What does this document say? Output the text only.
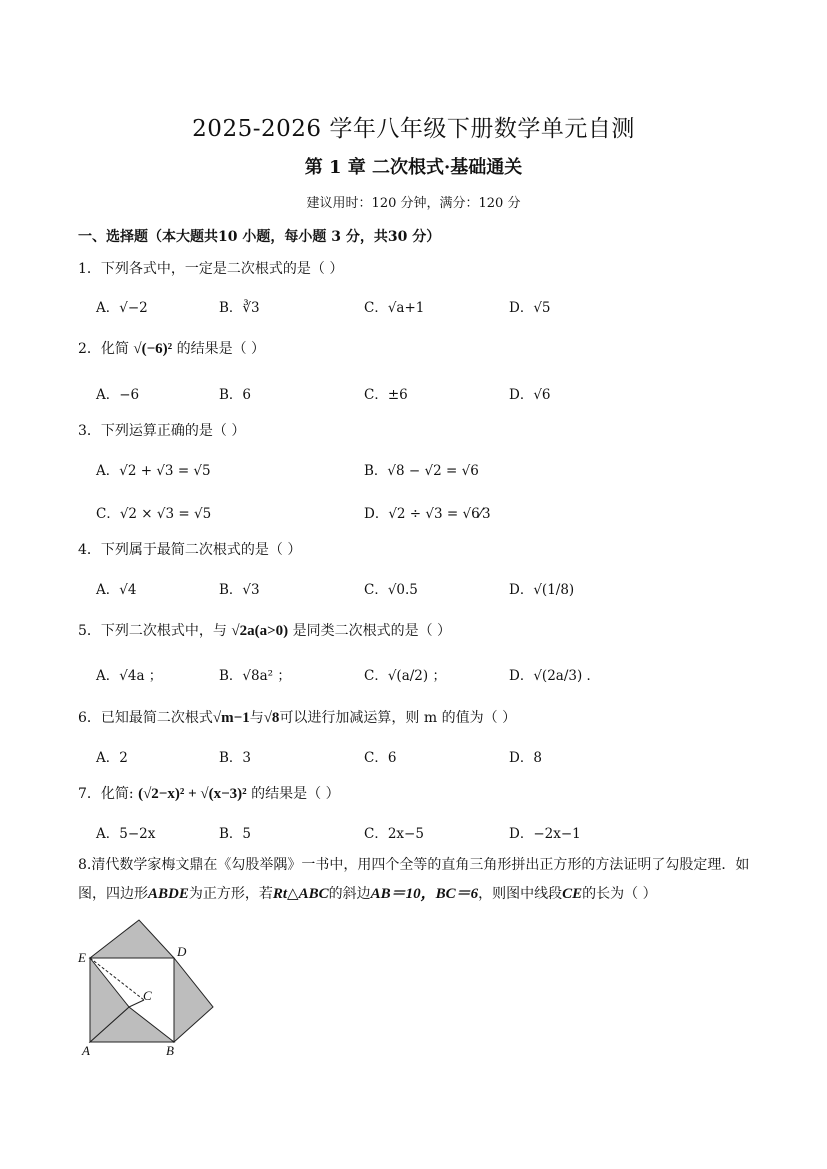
2025-2026 学年八年级下册数学单元自测
第 1 章 二次根式·基础通关
建议用时：120 分钟，满分：120 分
一、选择题（本大题共10 小题，每小题 3 分，共30 分）
1．下列各式中，一定是二次根式的是（ ）
A．√−2	B．∛3	C．√a+1	D．√5
2．化简 √(−6)² 的结果是（ ）
A．−6	B．6	C．±6	D．√6
3．下列运算正确的是（ ）
A．√2 + √3 = √5	B．√8 − √2 = √6
C．√2 × √3 = √5	D．√2 ÷ √3 = √6⁄3
4．下列属于最简二次根式的是（ ）
A．√4	B．√3	C．√0.5	D．√(1/8)
5．下列二次根式中，与 √2a(a>0) 是同类二次根式的是（ ）
A．√4a ；	B．√8a² ；	C．√(a/2) ；	D．√(2a/3) ．
6．已知最简二次根式√m−1与√8可以进行加减运算，则 m 的值为（ ）
A．2	B．3	C．6	D．8
7．化简: (√2−x)² + √(x−3)² 的结果是（ ）
A．5−2x	B．5	C．2x−5	D．−2x−1
8.清代数学家梅文鼎在《勾股举隅》一书中，用四个全等的直角三角形拼出正方形的方法证明了勾股定理．如图，四边形ABDE为正方形，若Rt△ABC的斜边AB＝10，BC＝6，则图中线段CE的长为（ ）
E	D
C
A	B
